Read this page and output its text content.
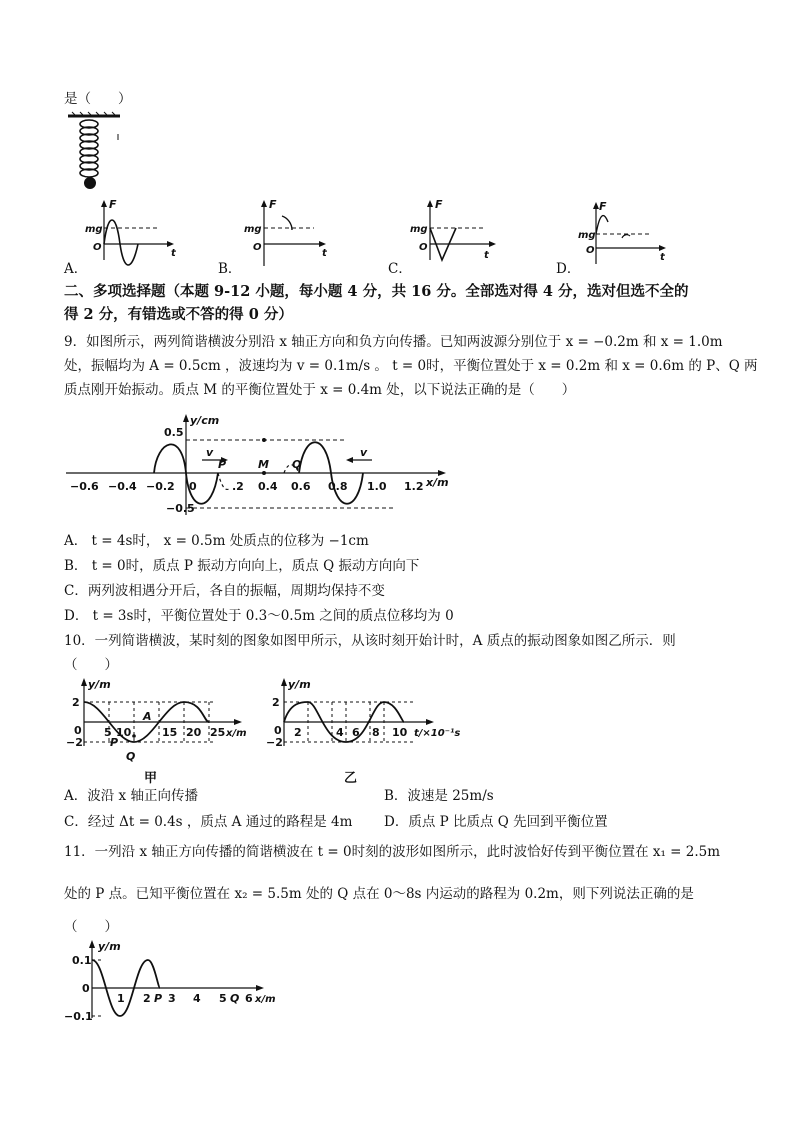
是（　　）
F
mg
O
t
F
mg
O
t
F
mg
O
t
F
mg
O
t
A．	B．	C．	D．
二、多项选择题（本题 9-12 小题，每小题 4 分，共 16 分。全部选对得 4 分，选对但选不全的
得 2 分，有错选或不答的得 0 分）
9．如图所示，两列简谐横波分别沿 x 轴正方向和负方向传播。已知两波源分别位于 x = −0.2m 和 x = 1.0m
处，振幅均为 A = 0.5cm ，波速均为 v = 0.1m/s 。 t = 0时，平衡位置处于 x = 0.2m 和 x = 0.6m 的 P、Q 两
质点刚开始振动。质点 M 的平衡位置处于 x = 0.4m 处，以下说法正确的是（　　）
y/cm
0.5
−0.5
x/m
−0.6 −0.4 −0.2 0	.2 0.4 0.6 0.8 1.0 1.2
P	M Q
v	v
A． t = 4s时， x = 0.5m 处质点的位移为 −1cm
B． t = 0时，质点 P 振动方向向上，质点 Q 振动方向向下
C．两列波相遇分开后，各自的振幅，周期均保持不变
D． t = 3s时，平衡位置处于 0.3～0.5m 之间的质点位移均为 0
10．一列简谐横波，某时刻的图象如图甲所示，从该时刻开始计时，A 质点的振动图象如图乙所示．则
（　　）
y/m
2
−2
0 5 10	15 20 25 x/m
P
A
Q
甲
y/m
2
−2
0 2	4 6 8 10 t/×10⁻¹s
乙
A．波沿 x 轴正向传播	B．波速是 25m/s
C．经过 Δt = 0.4s ，质点 A 通过的路程是 4m D．质点 P 比质点 Q 先回到平衡位置
11．一列沿 x 轴正方向传播的简谐横波在 t = 0时刻的波形如图所示，此时波恰好传到平衡位置在 x₁ = 2.5m
处的 P 点。已知平衡位置在 x₂ = 5.5m 处的 Q 点在 0～8s 内运动的路程为 0.2m，则下列说法正确的是
（　　）
y/m
0.1
−0.1
0
1 2 3 4 5 6
P	Q x/m
